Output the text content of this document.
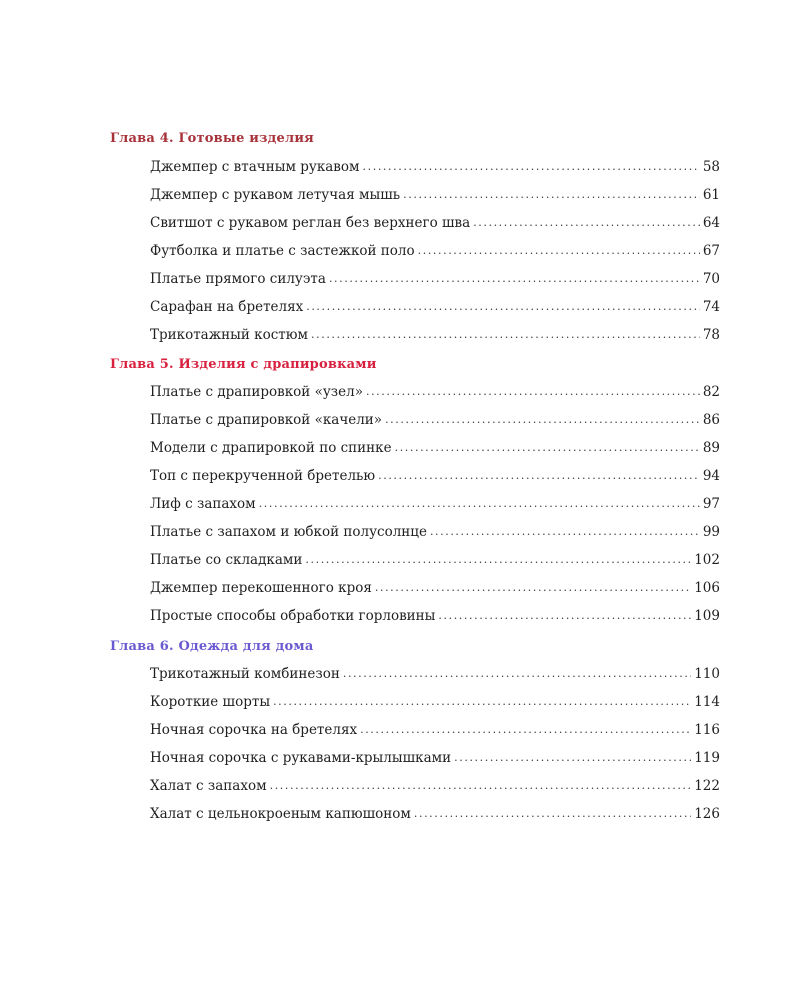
Глава 4. Готовые изделия
Джемпер с втачным рукавом .....	58
Джемпер с рукавом летучая мышь .....	61
Свитшот с рукавом реглан без верхнего шва .....	64
Футболка и платье с застежкой поло .....	67
Платье прямого силуэта .....	70
Сарафан на бретелях .....	74
Трикотажный костюм .....	78
Глава 5. Изделия с драпировками
Платье с драпировкой «узел» .....	82
Платье с драпировкой «качели» .....	86
Модели с драпировкой по спинке .....	89
Топ с перекрученной бретелью .....	94
Лиф с запахом .....	97
Платье с запахом и юбкой полусолнце .....	99
Платье со складками .....	102
Джемпер перекошенного кроя .....	106
Простые способы обработки горловины .....	109
Глава 6. Одежда для дома
Трикотажный комбинезон .....	110
Короткие шорты .....	114
Ночная сорочка на бретелях .....	116
Ночная сорочка с рукавами-крылышками .....	119
Халат с запахом .....	122
Халат с цельнокроеным капюшоном .....	126
